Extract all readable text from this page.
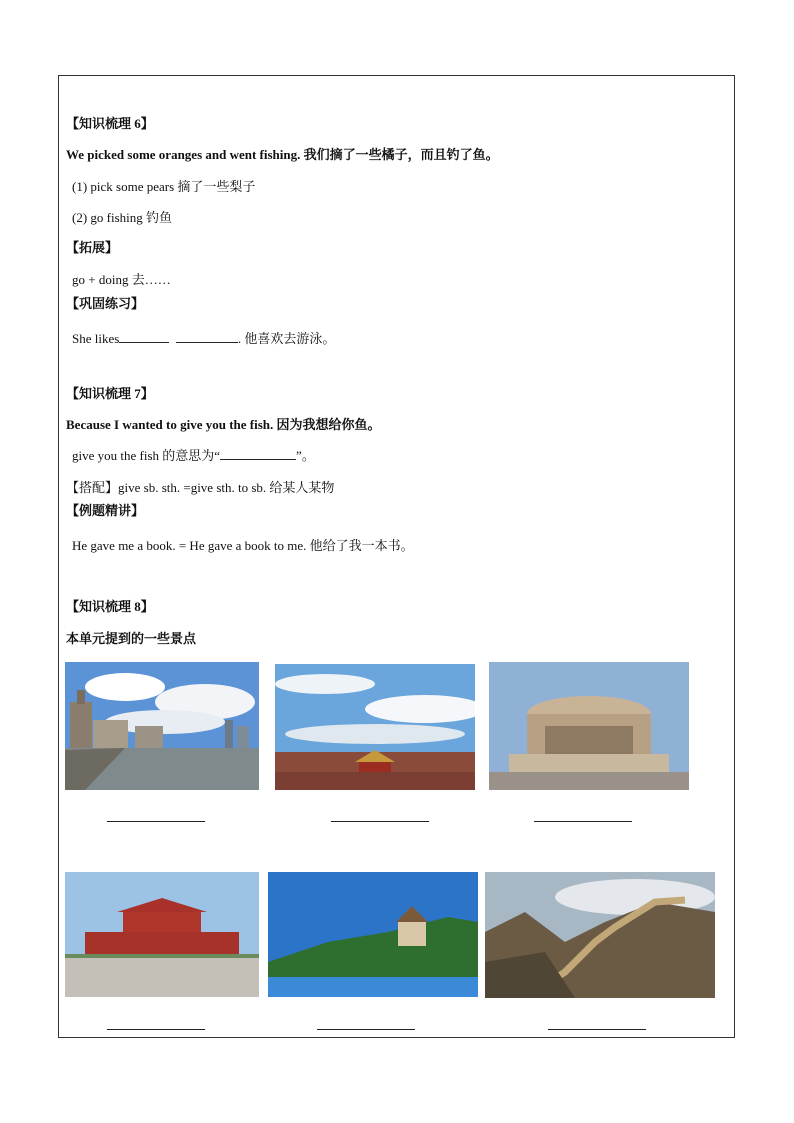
【知识梳理 6】
We picked some oranges and went fishing. 我们摘了一些橘子，而且钓了鱼。
(1) pick some pears 摘了一些梨子
(2) go fishing 钓鱼
【拓展】
go + doing 去……
【巩固练习】
She likes	. 他喜欢去游泳。
【知识梳理 7】
Because I wanted to give you the fish. 因为我想给你鱼。
give you the fish 的意思为“	”。
【搭配】give sb. sth. =give sth. to sb. 给某人某物
【例题精讲】
He gave me a book. = He gave a book to me. 他给了我一本书。
【知识梳理 8】
本单元提到的一些景点
